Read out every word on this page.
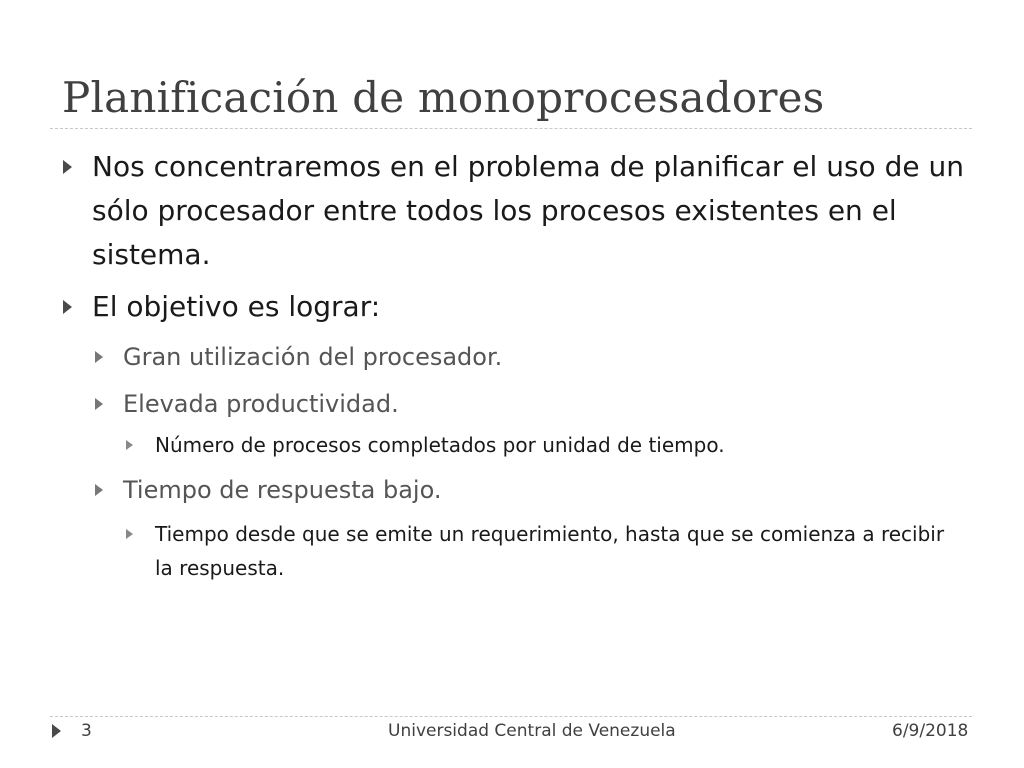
Planificación de monoprocesadores
Nos concentraremos en el problema de planificar el uso de un sólo procesador entre todos los procesos existentes en el sistema.
El objetivo es lograr:
Gran utilización del procesador.
Elevada productividad.
Número de procesos completados por unidad de tiempo.
Tiempo de respuesta bajo.
Tiempo desde que se emite un requerimiento, hasta que se comienza a recibir la respuesta.
3	Universidad Central de Venezuela	6/9/2018
